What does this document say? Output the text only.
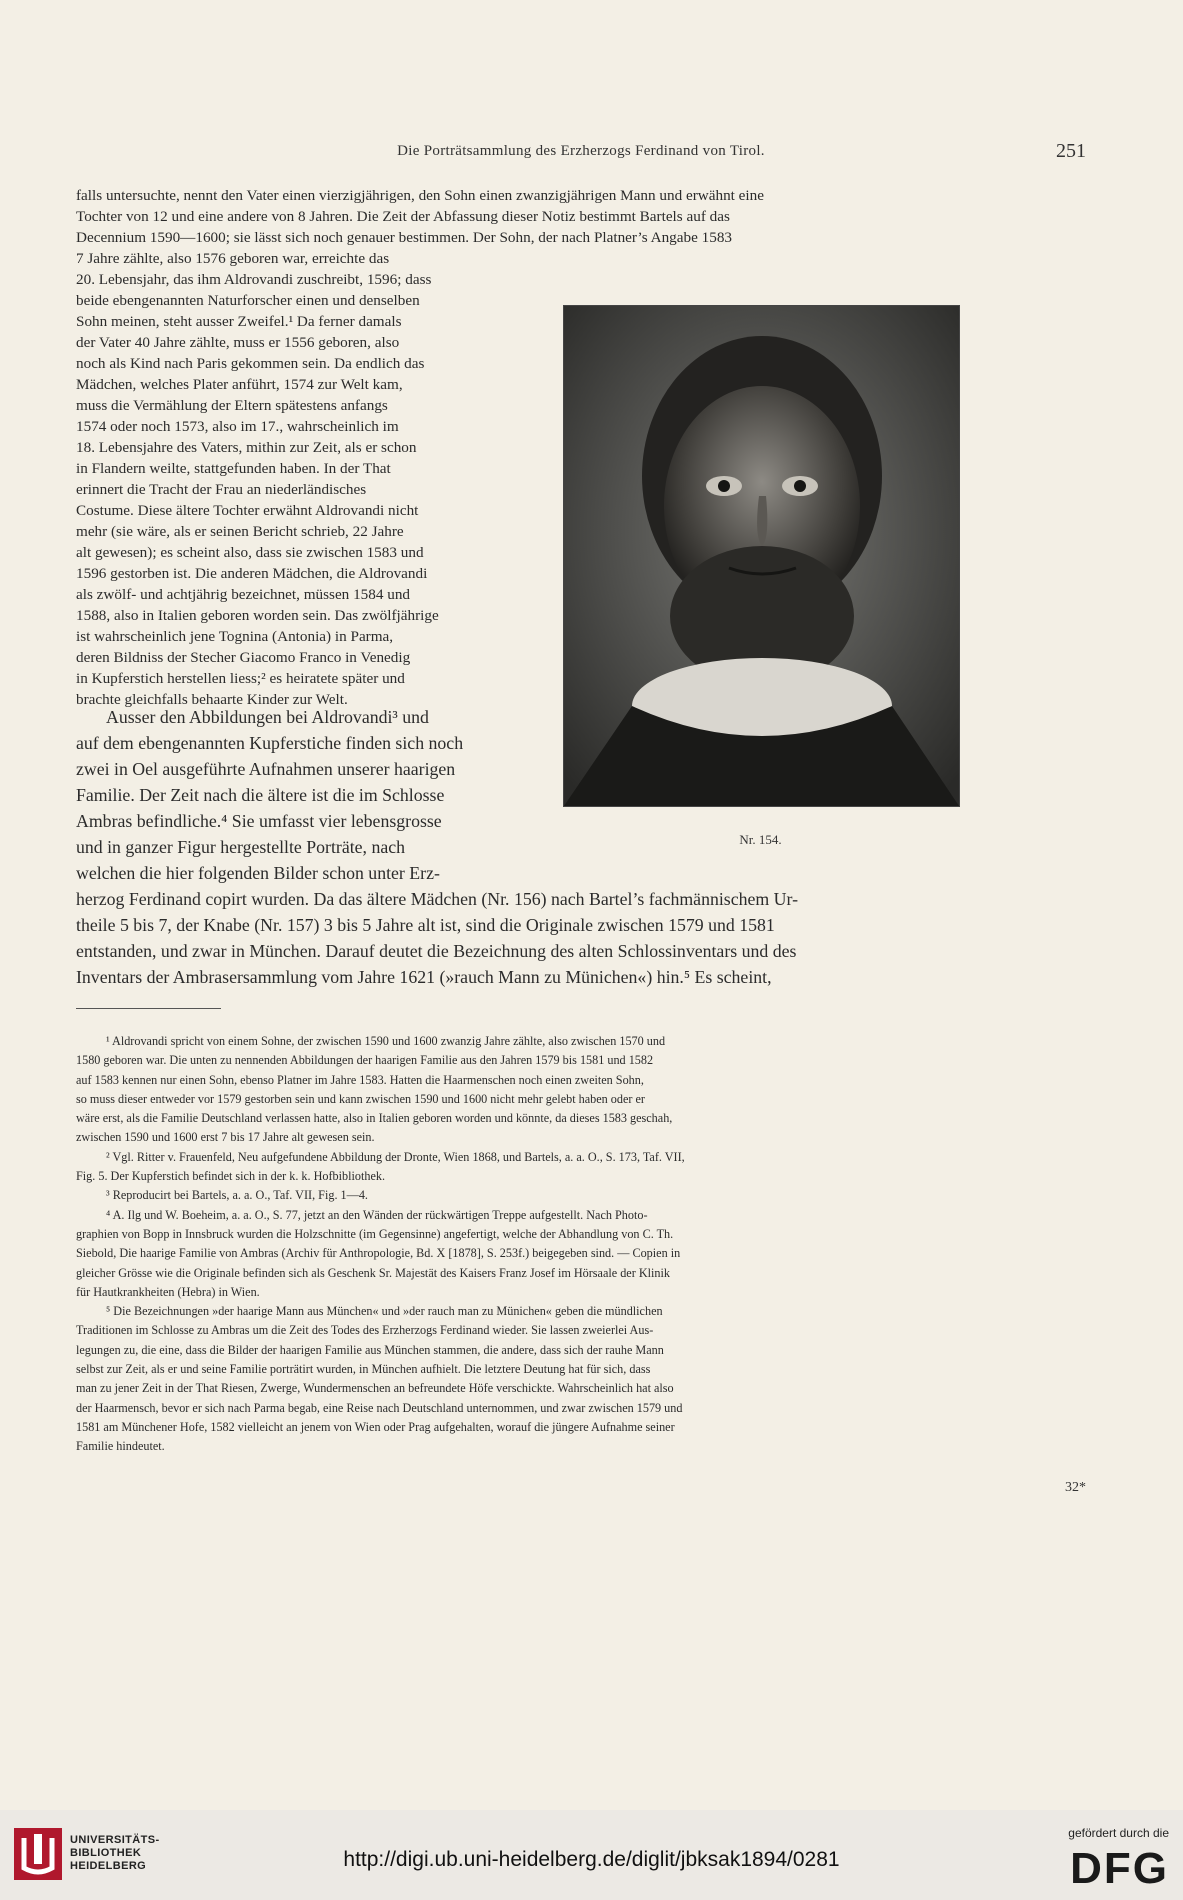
Die Porträtsammlung des Erzherzogs Ferdinand von Tirol.	251
falls untersuchte, nennt den Vater einen vierzigjährigen, den Sohn einen zwanzigjährigen Mann und erwähnt eine
Tochter von 12 und eine andere von 8 Jahren. Die Zeit der Abfassung dieser Notiz bestimmt Bartels auf das
Decennium 1590—1600; sie lässt sich noch genauer bestimmen. Der Sohn, der nach Platner’s Angabe 1583
7 Jahre zählte, also 1576 geboren war, erreichte das
20. Lebensjahr, das ihm Aldrovandi zuschreibt, 1596; dass
beide ebengenannten Naturforscher einen und denselben
Sohn meinen, steht ausser Zweifel.¹ Da ferner damals
der Vater 40 Jahre zählte, muss er 1556 geboren, also
noch als Kind nach Paris gekommen sein. Da endlich das
Mädchen, welches Plater anführt, 1574 zur Welt kam,
muss die Vermählung der Eltern spätestens anfangs
1574 oder noch 1573, also im 17., wahrscheinlich im
18. Lebensjahre des Vaters, mithin zur Zeit, als er schon
in Flandern weilte, stattgefunden haben. In der That
erinnert die Tracht der Frau an niederländisches
Costume. Diese ältere Tochter erwähnt Aldrovandi nicht
mehr (sie wäre, als er seinen Bericht schrieb, 22 Jahre
alt gewesen); es scheint also, dass sie zwischen 1583 und
1596 gestorben ist. Die anderen Mädchen, die Aldrovandi
als zwölf- und achtjährig bezeichnet, müssen 1584 und
1588, also in Italien geboren worden sein. Das zwölfjährige
ist wahrscheinlich jene Tognina (Antonia) in Parma,
deren Bildniss der Stecher Giacomo Franco in Venedig
in Kupferstich herstellen liess;² es heiratete später und
brachte gleichfalls behaarte Kinder zur Welt.
Ausser den Abbildungen bei Aldrovandi³ und
auf dem ebengenannten Kupferstiche finden sich noch
zwei in Oel ausgeführte Aufnahmen unserer haarigen
Familie. Der Zeit nach die ältere ist die im Schlosse
Ambras befindliche.⁴ Sie umfasst vier lebensgrosse
und in ganzer Figur hergestellte Porträte, nach
welchen die hier folgenden Bilder schon unter Erz-
herzog Ferdinand copirt wurden. Da das ältere Mädchen (Nr. 156) nach Bartel’s fachmännischem Ur-
theile 5 bis 7, der Knabe (Nr. 157) 3 bis 5 Jahre alt ist, sind die Originale zwischen 1579 und 1581
entstanden, und zwar in München. Darauf deutet die Bezeichnung des alten Schlossinventars und des
Inventars der Ambrasersammlung vom Jahre 1621 (»rauch Mann zu Münichen«) hin.⁵ Es scheint,
Nr. 154.
¹ Aldrovandi spricht von einem Sohne, der zwischen 1590 und 1600 zwanzig Jahre zählte, also zwischen 1570 und
1580 geboren war. Die unten zu nennenden Abbildungen der haarigen Familie aus den Jahren 1579 bis 1581 und 1582
auf 1583 kennen nur einen Sohn, ebenso Platner im Jahre 1583. Hatten die Haarmenschen noch einen zweiten Sohn,
so muss dieser entweder vor 1579 gestorben sein und kann zwischen 1590 und 1600 nicht mehr gelebt haben oder er
wäre erst, als die Familie Deutschland verlassen hatte, also in Italien geboren worden und könnte, da dieses 1583 geschah,
zwischen 1590 und 1600 erst 7 bis 17 Jahre alt gewesen sein.
² Vgl. Ritter v. Frauenfeld, Neu aufgefundene Abbildung der Dronte, Wien 1868, und Bartels, a. a. O., S. 173, Taf. VII,
Fig. 5. Der Kupferstich befindet sich in der k. k. Hofbibliothek.
³ Reproducirt bei Bartels, a. a. O., Taf. VII, Fig. 1—4.
⁴ A. Ilg und W. Boeheim, a. a. O., S. 77, jetzt an den Wänden der rückwärtigen Treppe aufgestellt. Nach Photo-
graphien von Bopp in Innsbruck wurden die Holzschnitte (im Gegensinne) angefertigt, welche der Abhandlung von C. Th.
Siebold, Die haarige Familie von Ambras (Archiv für Anthropologie, Bd. X [1878], S. 253f.) beigegeben sind. — Copien in
gleicher Grösse wie die Originale befinden sich als Geschenk Sr. Majestät des Kaisers Franz Josef im Hörsaale der Klinik
für Hautkrankheiten (Hebra) in Wien.
⁵ Die Bezeichnungen »der haarige Mann aus München« und »der rauch man zu Münichen« geben die mündlichen
Traditionen im Schlosse zu Ambras um die Zeit des Todes des Erzherzogs Ferdinand wieder. Sie lassen zweierlei Aus-
legungen zu, die eine, dass die Bilder der haarigen Familie aus München stammen, die andere, dass sich der rauhe Mann
selbst zur Zeit, als er und seine Familie porträtirt wurden, in München aufhielt. Die letztere Deutung hat für sich, dass
man zu jener Zeit in der That Riesen, Zwerge, Wundermenschen an befreundete Höfe verschickte. Wahrscheinlich hat also
der Haarmensch, bevor er sich nach Parma begab, eine Reise nach Deutschland unternommen, und zwar zwischen 1579 und
1581 am Münchener Hofe, 1582 vielleicht an jenem von Wien oder Prag aufgehalten, worauf die jüngere Aufnahme seiner
Familie hindeutet.
32*
UNIVERSITÄTS-
BIBLIOTHEK
HEIDELBERG	http://digi.ub.uni-heidelberg.de/diglit/jbksak1894/0281
gefördert durch die
DFG
